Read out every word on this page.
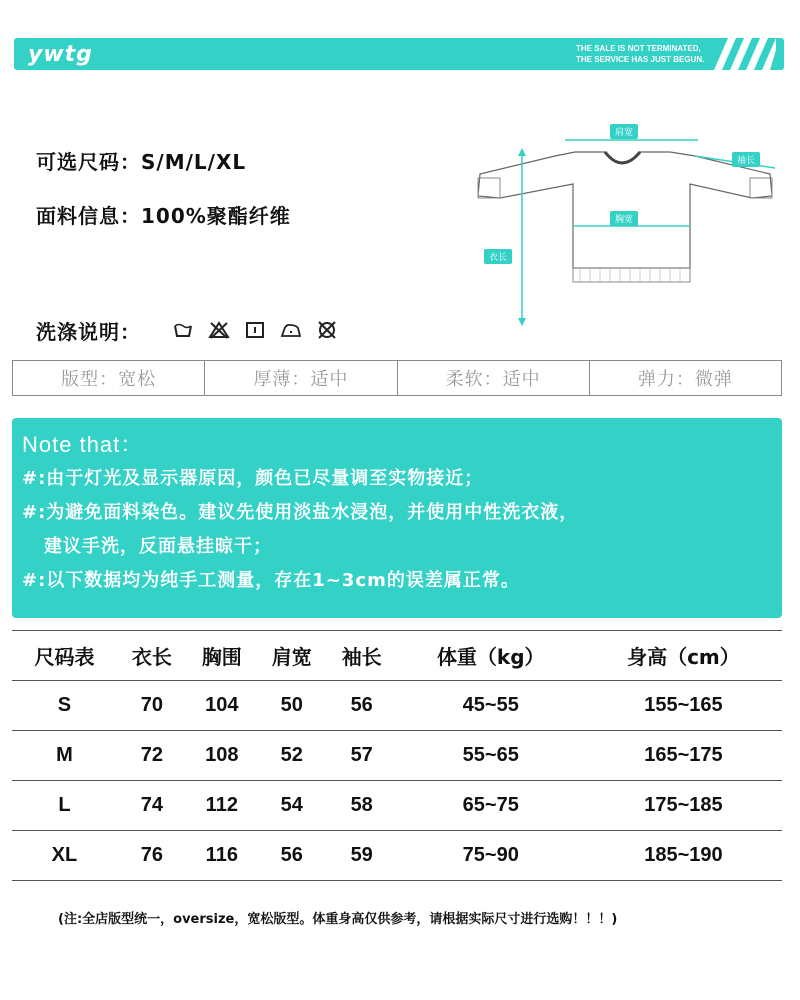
ywtg	THE SALE IS NOT TERMINATED,
THE SERVICE HAS JUST BEGUN.
可选尺码：S/M/L/XL
面料信息：100%聚酯纤维
洗涤说明：
肩宽
袖长
胸宽
衣长
版型：宽松	厚薄：适中	柔软：适中	弹力：微弹
Note that：
#:由于灯光及显示器原因，颜色已尽量调至实物接近；
#:为避免面料染色。建议先使用淡盐水浸泡，并使用中性洗衣液，
建议手洗，反面悬挂晾干；
#:以下数据均为纯手工测量，存在1~3cm的误差属正常。
尺码表	衣长	胸围	肩宽	袖长	体重（kg）	身高（cm）
S	70	104	50	56	45~55	155~165
M	72	108	52	57	55~65	165~175
L	74	112	54	58	65~75	175~185
XL	76	116	56	59	75~90	185~190
(注:全店版型统一，oversize，宽松版型。体重身高仅供参考，请根据实际尺寸进行选购！！！)
